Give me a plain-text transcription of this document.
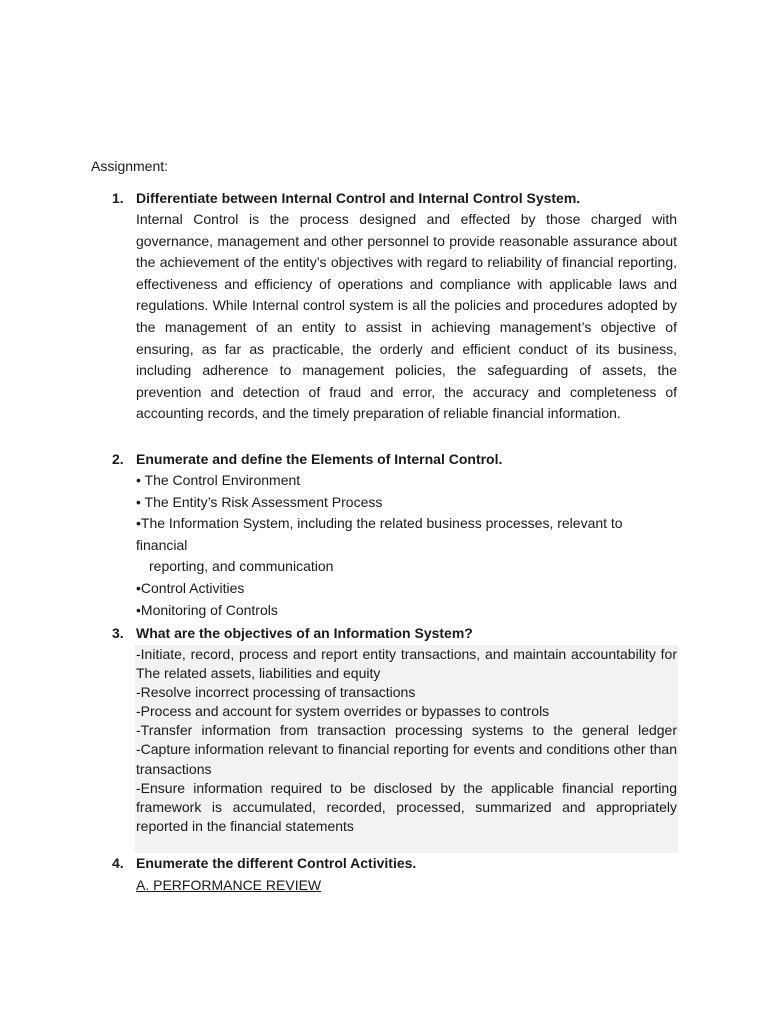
Assignment:
1. Differentiate between Internal Control and Internal Control System.

Internal Control is the process designed and effected by those charged with governance, management and other personnel to provide reasonable assurance about the achievement of the entity’s objectives with regard to reliability of financial reporting, effectiveness and efficiency of operations and compliance with applicable laws and regulations. While Internal control system is all the policies and procedures adopted by the management of an entity to assist in achieving management’s objective of ensuring, as far as practicable, the orderly and efficient conduct of its business, including adherence to management policies, the safeguarding of assets, the prevention and detection of fraud and error, the accuracy and completeness of accounting records, and the timely preparation of reliable financial information.

2. Enumerate and define the Elements of Internal Control.
• The Control Environment
• The Entity’s Risk Assessment Process
•The Information System, including the related business processes, relevant to financial
reporting, and communication
•Control Activities
•Monitoring of Controls
3. What are the objectives of an Information System?
-Initiate, record, process and report entity transactions, and maintain accountability for The related assets, liabilities and equity
-Resolve incorrect processing of transactions
-Process and account for system overrides or bypasses to controls
-Transfer information from transaction processing systems to the general ledger
-Capture information relevant to financial reporting for events and conditions other than transactions
-Ensure information required to be disclosed by the applicable financial reporting framework is accumulated, recorded, processed, summarized and appropriately reported in the financial statements
4. Enumerate the different Control Activities.
A. PERFORMANCE REVIEW
